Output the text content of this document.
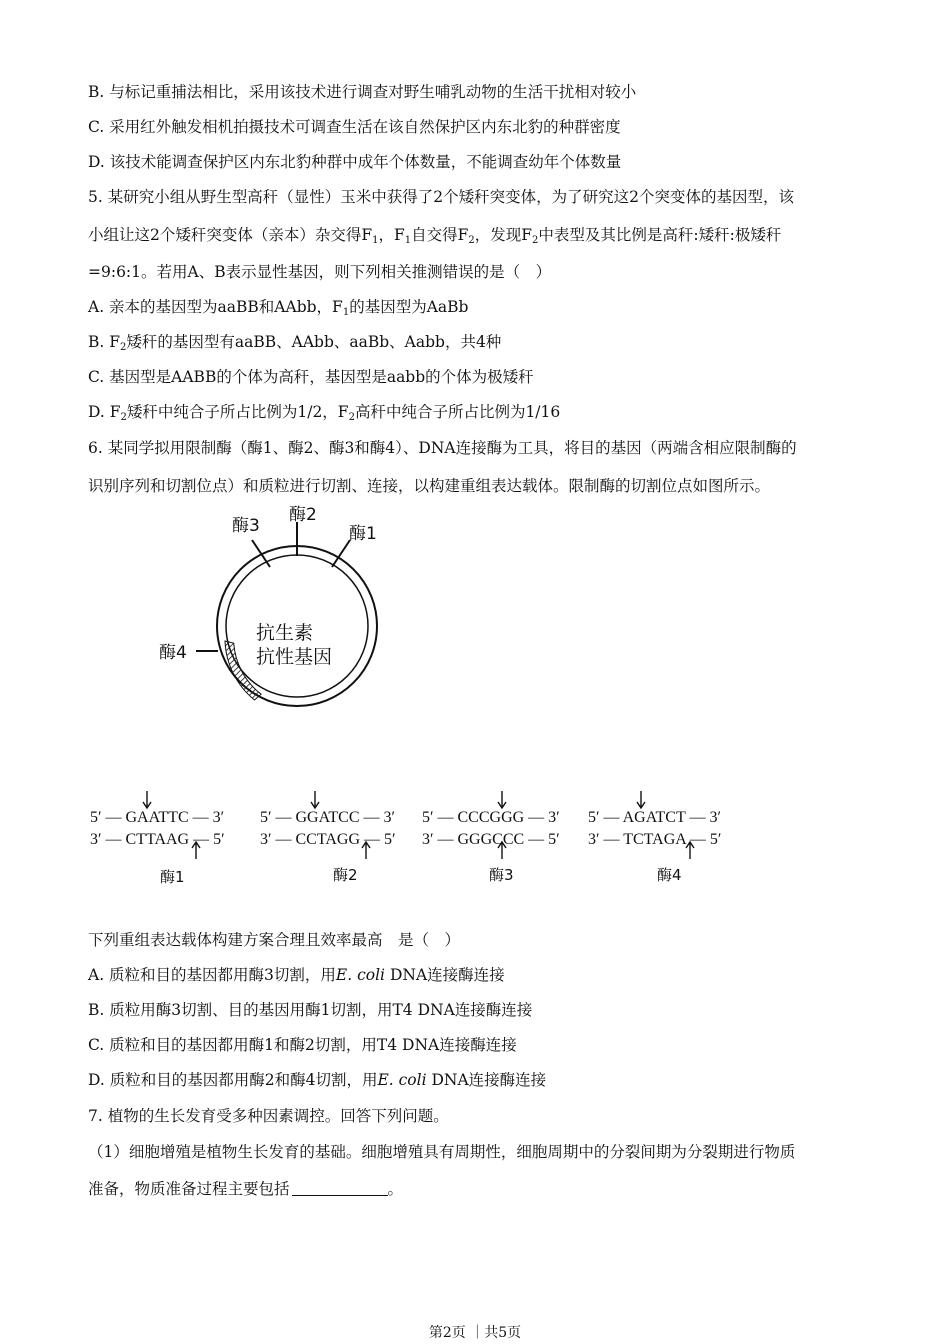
B. 与标记重捕法相比，采用该技术进行调查对野生哺乳动物的生活干扰相对较小
C. 采用红外触发相机拍摄技术可调查生活在该自然保护区内东北豹的种群密度
D. 该技术能调查保护区内东北豹种群中成年个体数量，不能调查幼年个体数量
5. 某研究小组从野生型高秆（显性）玉米中获得了2个矮秆突变体，为了研究这2个突变体的基因型，该
小组让这2个矮秆突变体（亲本）杂交得$F_1$，$F_1$自交得$F_2$，发现$F_2$中表型及其比例是高秆:矮秆:极矮秆
=9:6:1。若用A、B表示显性基因，则下列相关推测错误的是（　）
A. 亲本的基因型为aaBB和AAbb，$F_1$的基因型为AaBb
B. $F_2$矮秆的基因型有aaBB、AAbb、aaBb、Aabb，共4种
C. 基因型是AABB的个体为高秆，基因型是aabb的个体为极矮秆
D. $F_2$矮秆中纯合子所占比例为1/2，$F_2$高秆中纯合子所占比例为1/16
6. 某同学拟用限制酶（酶1、酶2、酶3和酶4）、DNA连接酶为工具，将目的基因（两端含相应限制酶的
识别序列和切割位点）和质粒进行切割、连接，以构建重组表达载体。限制酶的切割位点如图所示。
酶3
酶2
酶1
酶4
抗生素
抗性基因
5′ — GAATTC — 3′
3′ — CTTAAG — 5′
酶1
5′ — GGATCC — 3′
3′ — CCTAGG — 5′
酶2
5′ — CCCGGG — 3′
3′ — GGGCCC — 5′
酶3
5′ — AGATCT — 3′
3′ — TCTAGA — 5′
酶4
下列重组表达载体构建方案合理且效率最高　是（　）
A. 质粒和目的基因都用酶3切割，用E. coli DNA连接酶连接
B. 质粒用酶3切割、目的基因用酶1切割，用T4 DNA连接酶连接
C. 质粒和目的基因都用酶1和酶2切割，用T4 DNA连接酶连接
D. 质粒和目的基因都用酶2和酶4切割，用E. coli DNA连接酶连接
7. 植物的生长发育受多种因素调控。回答下列问题。
（1）细胞增殖是植物生长发育的基础。细胞增殖具有周期性，细胞周期中的分裂间期为分裂期进行物质
准备，物质准备过程主要包括	。
第2页 ｜共5页
